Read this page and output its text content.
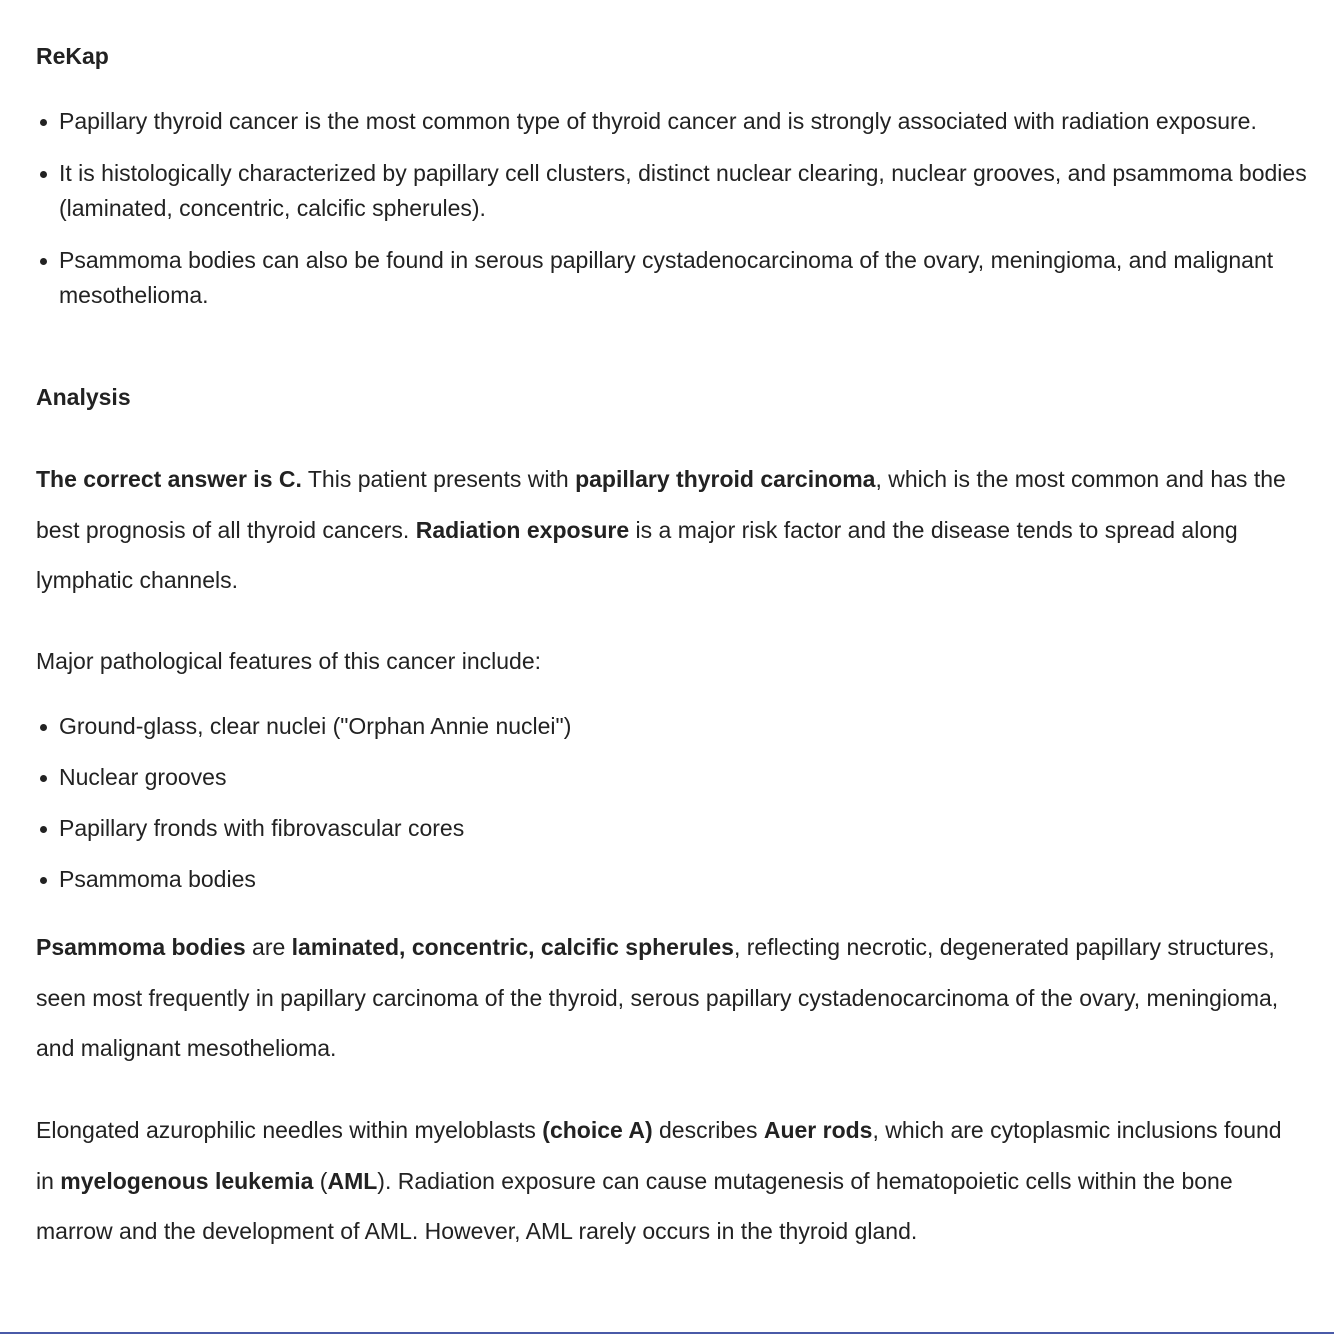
ReKap
Papillary thyroid cancer is the most common type of thyroid cancer and is strongly associated with radiation exposure.
It is histologically characterized by papillary cell clusters, distinct nuclear clearing, nuclear grooves, and psammoma bodies (laminated, concentric, calcific spherules).
Psammoma bodies can also be found in serous papillary cystadenocarcinoma of the ovary, meningioma, and malignant mesothelioma.
Analysis

The correct answer is C. This patient presents with papillary thyroid carcinoma, which is the most common and has the best prognosis of all thyroid cancers. Radiation exposure is a major risk factor and the disease tends to spread along lymphatic channels.

Major pathological features of this cancer include:

Ground-glass, clear nuclei ("Orphan Annie nuclei")
Nuclear grooves
Papillary fronds with fibrovascular cores
Psammoma bodies

Psammoma bodies are laminated, concentric, calcific spherules, reflecting necrotic, degenerated papillary structures, seen most frequently in papillary carcinoma of the thyroid, serous papillary cystadenocarcinoma of the ovary, meningioma, and malignant mesothelioma.

Elongated azurophilic needles within myeloblasts (choice A) describes Auer rods, which are cytoplasmic inclusions found in myelogenous leukemia (AML). Radiation exposure can cause mutagenesis of hematopoietic cells within the bone marrow and the development of AML. However, AML rarely occurs in the thyroid gland.
